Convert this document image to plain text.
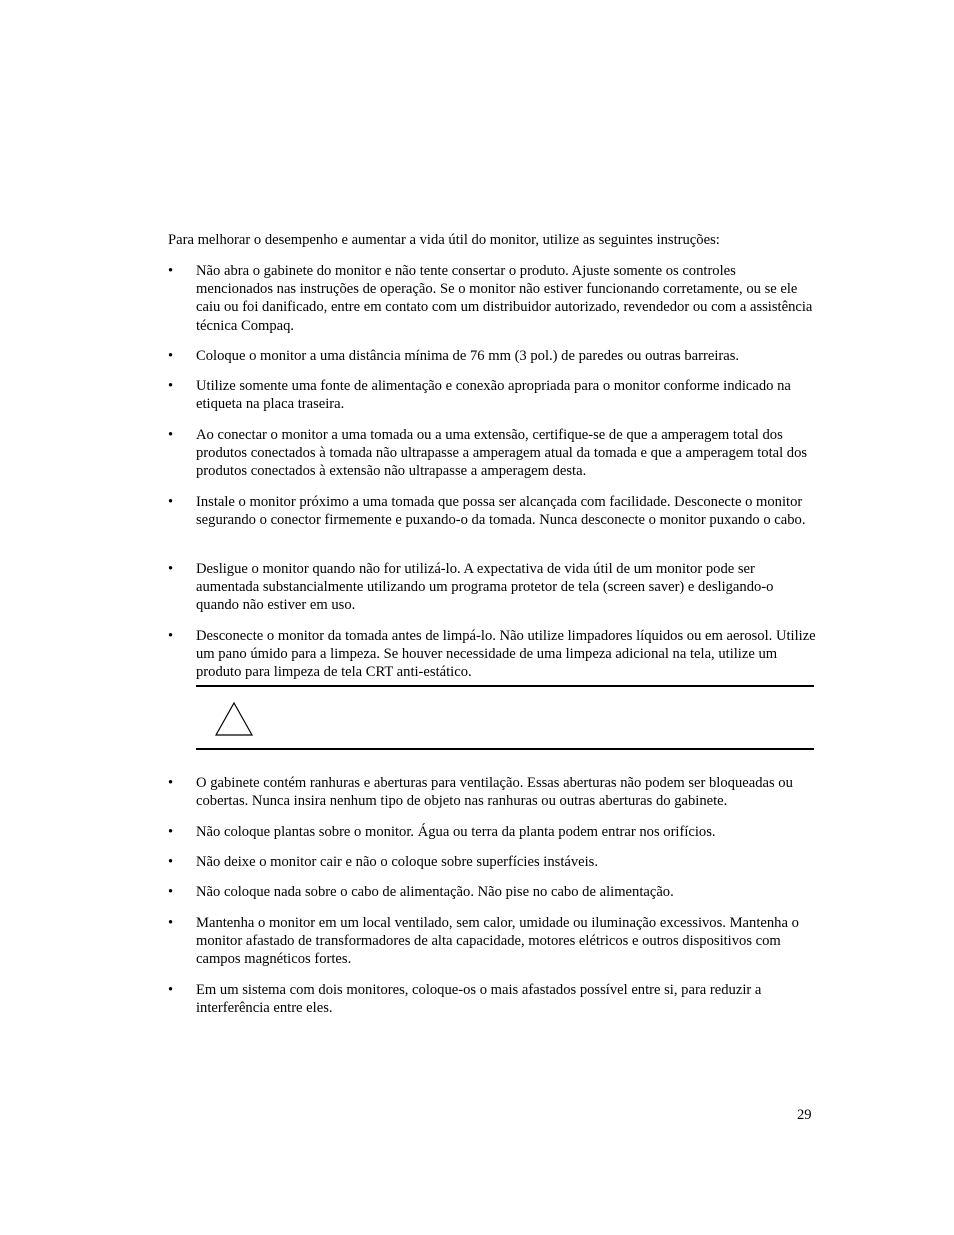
Para melhorar o desempenho e aumentar a vida útil do monitor, utilize as seguintes instruções:

• Não abra o gabinete do monitor e não tente consertar o produto. Ajuste somente os controles mencionados nas instruções de operação. Se o monitor não estiver funcionando corretamente, ou se ele caiu ou foi danificado, entre em contato com um distribuidor autorizado, revendedor ou com a assistência técnica Compaq.
• Coloque o monitor a uma distância mínima de 76 mm (3 pol.) de paredes ou outras barreiras.
• Utilize somente uma fonte de alimentação e conexão apropriada para o monitor conforme indicado na etiqueta na placa traseira.
• Ao conectar o monitor a uma tomada ou a uma extensão, certifique-se de que a amperagem total dos produtos conectados à tomada não ultrapasse a amperagem atual da tomada e que a amperagem total dos produtos conectados à extensão não ultrapasse a amperagem desta.
• Instale o monitor próximo a uma tomada que possa ser alcançada com facilidade. Desconecte o monitor segurando o conector firmemente e puxando-o da tomada. Nunca desconecte o monitor puxando o cabo.
• Desligue o monitor quando não for utilizá-lo. A expectativa de vida útil de um monitor pode ser aumentada substancialmente utilizando um programa protetor de tela (screen saver) e desligando-o quando não estiver em uso.
• Desconecte o monitor da tomada antes de limpá-lo. Não utilize limpadores líquidos ou em aerosol. Utilize um pano úmido para a limpeza. Se houver necessidade de uma limpeza adicional na tela, utilize um produto para limpeza de tela CRT anti-estático.
• O gabinete contém ranhuras e aberturas para ventilação. Essas aberturas não podem ser bloqueadas ou cobertas. Nunca insira nenhum tipo de objeto nas ranhuras ou outras aberturas do gabinete.
• Não coloque plantas sobre o monitor. Água ou terra da planta podem entrar nos orifícios.
• Não deixe o monitor cair e não o coloque sobre superfícies instáveis.
• Não coloque nada sobre o cabo de alimentação. Não pise no cabo de alimentação.
• Mantenha o monitor em um local ventilado, sem calor, umidade ou iluminação excessivos. Mantenha o monitor afastado de transformadores de alta capacidade, motores elétricos e outros dispositivos com campos magnéticos fortes.
• Em um sistema com dois monitores, coloque-os o mais afastados possível entre si, para reduzir a interferência entre eles.
29
